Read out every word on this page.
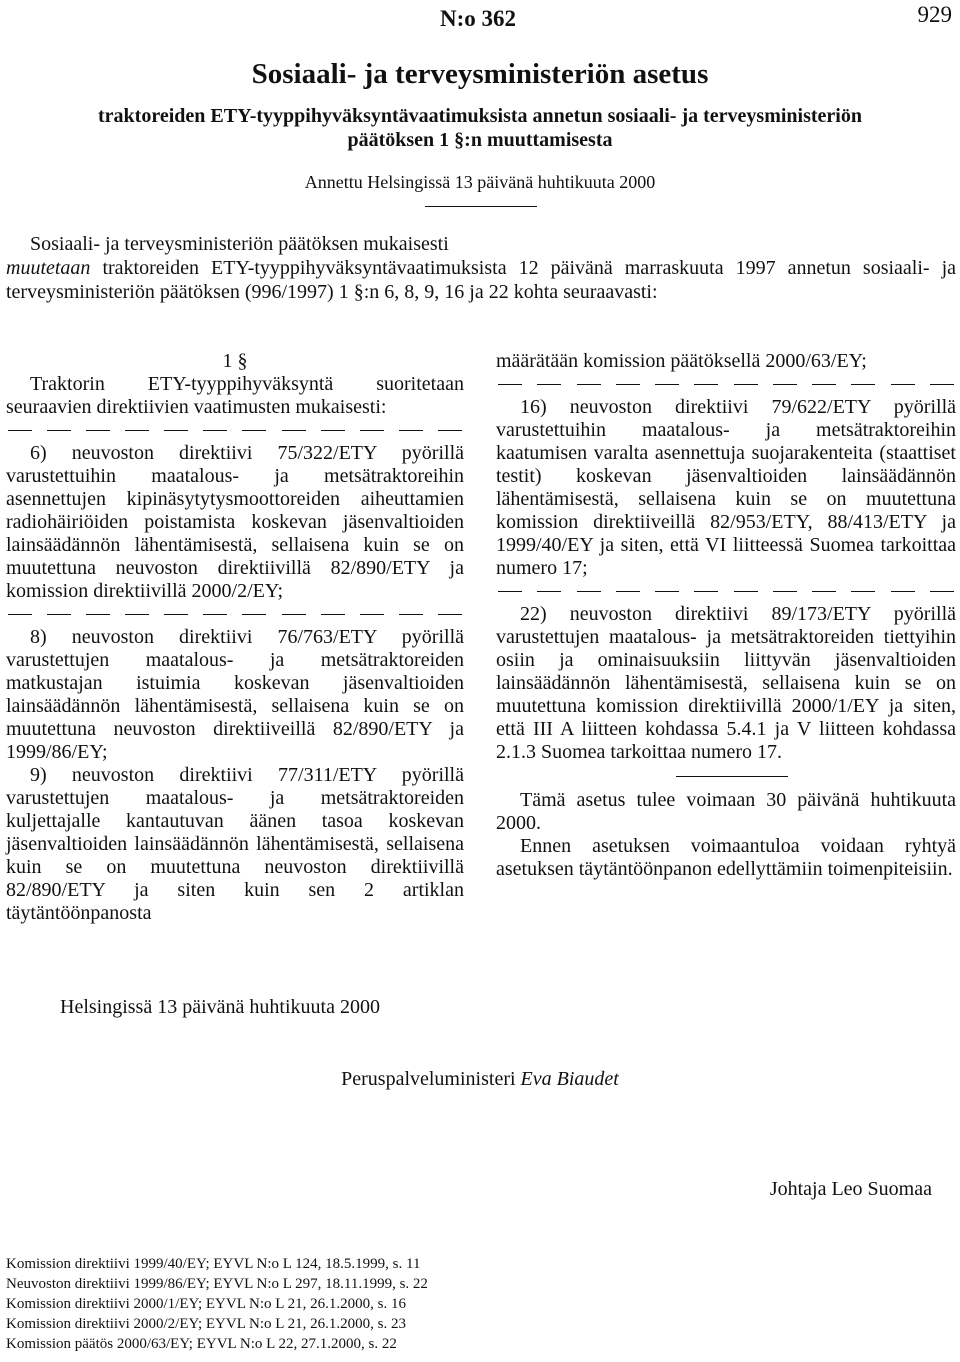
N:o 362	929
Sosiaali- ja terveysministeriön asetus
traktoreiden ETY-tyyppihyväksyntävaatimuksista annetun sosiaali- ja terveysministeriön
päätöksen 1 §:n muuttamisesta
Annettu Helsingissä 13 päivänä huhtikuuta 2000

Sosiaali- ja terveysministeriön päätöksen mukaisesti

muutetaan traktoreiden ETY-tyyppihyväksyntävaatimuksista 12 päivänä marraskuuta 1997 annetun sosiaali- ja terveysministeriön päätöksen (996/1997) 1 §:n 6, 8, 9, 16 ja 22 kohta seuraavasti:

1 §

Traktorin ETY-tyyppihyväksyntä suoritetaan seuraavien direktiivien vaatimusten mukaisesti:

6) neuvoston direktiivi 75/322/ETY pyörillä varustettuihin maatalous- ja metsätraktoreihin asennettujen kipinäsytytysmoottoreiden aiheuttamien radiohäiriöiden poistamista koskevan jäsenvaltioiden lainsäädännön lähentämisestä, sellaisena kuin se on muutettuna neuvoston direktiivillä 82/890/ETY ja komission direktiivillä 2000/2/EY;

8) neuvoston direktiivi 76/763/ETY pyörillä varustettujen maatalous- ja metsätraktoreiden matkustajan istuimia koskevan jäsenvaltioiden lainsäädännön lähentämisestä, sellaisena kuin se on muutettuna neuvoston direktiiveillä 82/890/ETY ja 1999/86/EY;

9) neuvoston direktiivi 77/311/ETY pyörillä varustettujen maatalous- ja metsätraktoreiden kuljettajalle kantautuvan äänen tasoa koskevan jäsenvaltioiden lainsäädännön lähentämisestä, sellaisena kuin se on muutettuna neuvoston direktiivillä 82/890/ETY ja siten kuin sen 2 artiklan täytäntöönpanosta

määrätään komission päätöksellä 2000/63/EY;

16) neuvoston direktiivi 79/622/ETY pyörillä varustettuihin maatalous- ja metsätraktoreihin kaatumisen varalta asennettuja suojarakenteita (staattiset testit) koskevan jäsenvaltioiden lainsäädännön lähentämisestä, sellaisena kuin se on muutettuna komission direktiiveillä 82/953/ETY, 88/413/ETY ja 1999/40/EY ja siten, että VI liitteessä Suomea tarkoittaa numero 17;

22) neuvoston direktiivi 89/173/ETY pyörillä varustettujen maatalous- ja metsätraktoreiden tiettyihin osiin ja ominaisuuksiin liittyvän jäsenvaltioiden lainsäädännön lähentämisestä, sellaisena kuin se on muutettuna komission direktiivillä 2000/1/EY ja siten, että III A liitteen kohdassa 5.4.1 ja V liitteen kohdassa 2.1.3 Suomea tarkoittaa numero 17.

Tämä asetus tulee voimaan 30 päivänä huhtikuuta 2000.

Ennen asetuksen voimaantuloa voidaan ryhtyä asetuksen täytäntöönpanon edellyttämiin toimenpiteisiin.

Helsingissä 13 päivänä huhtikuuta 2000
Peruspalveluministeri Eva Biaudet
Johtaja Leo Suomaa
Komission direktiivi 1999/40/EY; EYVL N:o L 124, 18.5.1999, s. 11
Neuvoston direktiivi 1999/86/EY; EYVL N:o L 297, 18.11.1999, s. 22
Komission direktiivi 2000/1/EY; EYVL N:o L 21, 26.1.2000, s. 16
Komission direktiivi 2000/2/EY; EYVL N:o L 21, 26.1.2000, s. 23
Komission päätös 2000/63/EY; EYVL N:o L 22, 27.1.2000, s. 22
